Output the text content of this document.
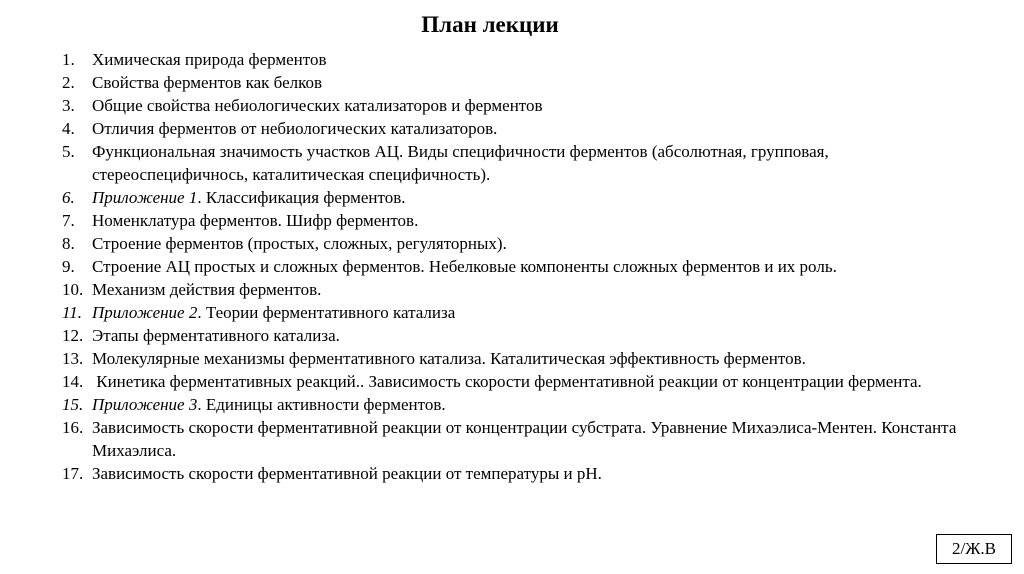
План лекции
1.	Химическая природа ферментов
2.	Свойства ферментов как белков
3.	Общие свойства небиологических катализаторов и ферментов
4.	Отличия ферментов от небиологических катализаторов.
5.	Функциональная значимость участков АЦ. Виды специфичности ферментов (абсолютная, групповая, стереоспецифичнось, каталитическая специфичность).
6.	Приложение 1. Классификация ферментов.
7.	Номенклатура ферментов. Шифр ферментов.
8.	Строение ферментов (простых, сложных, регуляторных).
9.	Строение АЦ простых и сложных ферментов. Небелковые компоненты сложных ферментов и их роль.
10. Механизм действия ферментов.
11. Приложение 2. Теории ферментативного катализа
12. Этапы ферментативного катализа.
13. Молекулярные механизмы ферментативного катализа. Каталитическая эффективность ферментов.
14. Кинетика ферментативных реакций.. Зависимость скорости ферментативной реакции от концентрации фермента.
15. Приложение 3. Единицы активности ферментов.
16. Зависимость скорости ферментативной реакции от концентрации субстрата. Уравнение Михаэлиса-Ментен. Константа Михаэлиса.
17. Зависимость скорости ферментативной реакции от температуры и pH.
2/Ж.В
